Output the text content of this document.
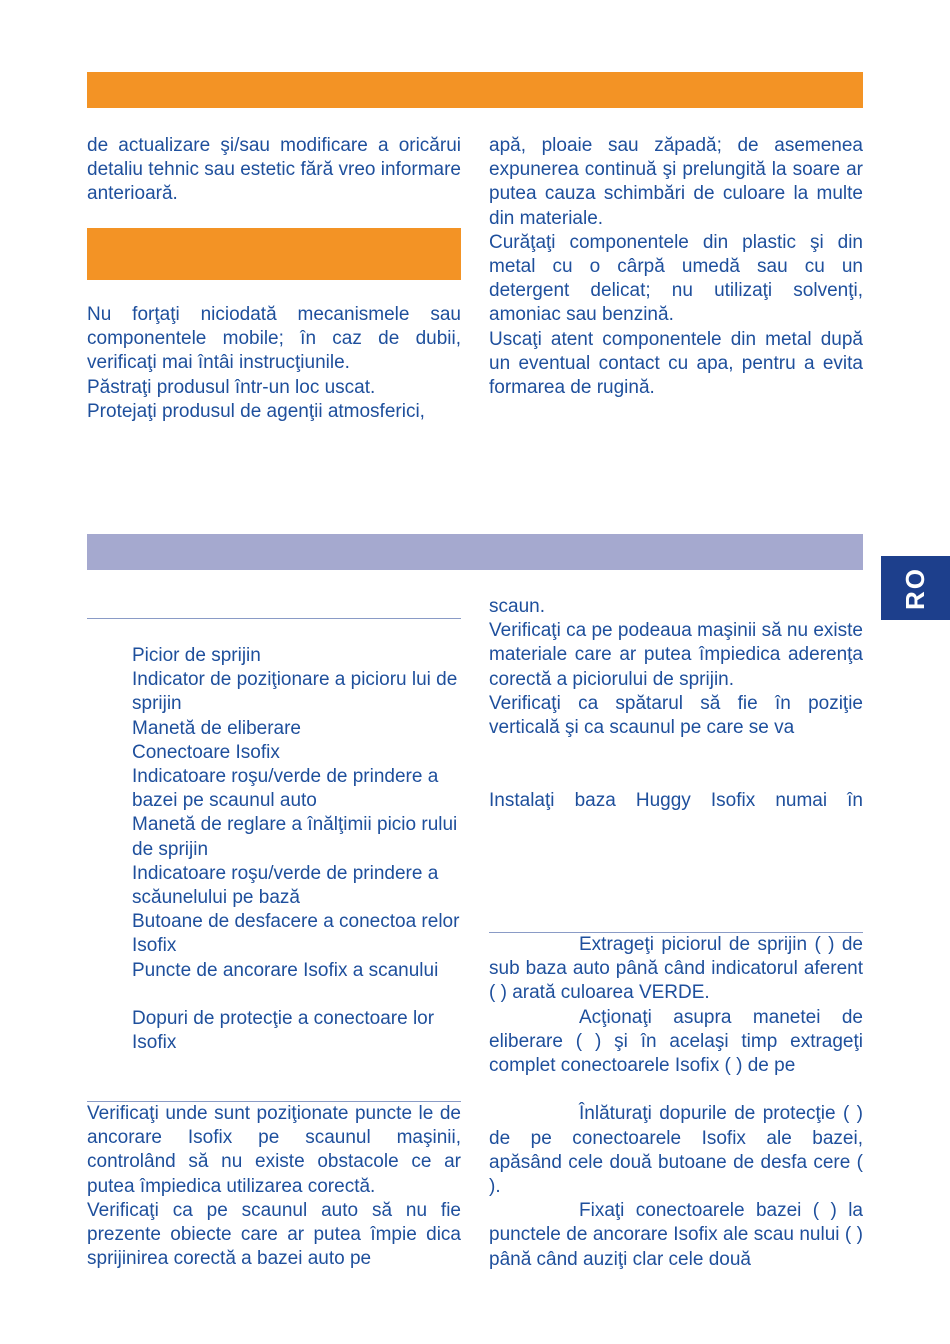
RO

de actualizare şi/sau modificare a oricărui detaliu tehnic sau estetic fără vreo informare anterioară.

Nu forţaţi niciodată mecanismele sau componentele mobile; în caz de dubii, verificaţi mai întâi instrucţiunile.

Păstraţi produsul într-un loc uscat.

Protejaţi produsul de agenţii atmosferici,

apă, ploaie sau zăpadă; de asemenea expunerea continuă şi prelungită la soare ar putea cauza schimbări de culoare la multe din materiale.

Curăţaţi componentele din plastic şi din metal cu o cârpă umedă sau cu un detergent delicat; nu utilizaţi solvenţi, amoniac sau benzină.

Uscaţi atent componentele din metal după un eventual contact cu apa, pentru a evita formarea de rugină.

Picior de sprijin
Indicator de poziţionare a picioru lui de sprijin
Manetă de eliberare
Conectoare Isofix
Indicatoare roşu/verde de prindere a bazei pe scaunul auto
Manetă de reglare a înălţimii picio rului de sprijin
Indicatoare roşu/verde de prindere a scăunelului pe bază
Butoane de desfacere a conectoa relor Isofix
Puncte de ancorare Isofix a scanului
Dopuri de protecţie a conectoare lor Isofix

Verificaţi unde sunt poziţionate puncte le de ancorare Isofix pe scaunul maşinii, controlând să nu existe obstacole ce ar putea împiedica utilizarea corectă.

Verificaţi ca pe scaunul auto să nu fie prezente obiecte care ar putea împie dica sprijinirea corectă a bazei auto pe

scaun.

Verificaţi ca pe podeaua maşinii să nu existe materiale care ar putea împiedica aderenţa corectă a piciorului de sprijin.

Verificaţi ca spătarul să fie în poziţie verticală şi ca scaunul pe care se va

Instalaţi baza Huggy Isofix numai în

Extrageţi piciorul de sprijin ( ) de sub baza auto până când indicatorul aferent ( ) arată culoarea VERDE.

Acţionaţi asupra manetei de eliberare ( ) şi în acelaşi timp extrageţi complet conectoarele Isofix ( ) de pe

Înlăturaţi dopurile de protecţie ( ) de pe conectoarele Isofix ale bazei, apăsând cele două butoane de desfa cere ( ).

Fixaţi conectoarele bazei ( ) la punctele de ancorare Isofix ale scau nului ( ) până când auziţi clar cele două
